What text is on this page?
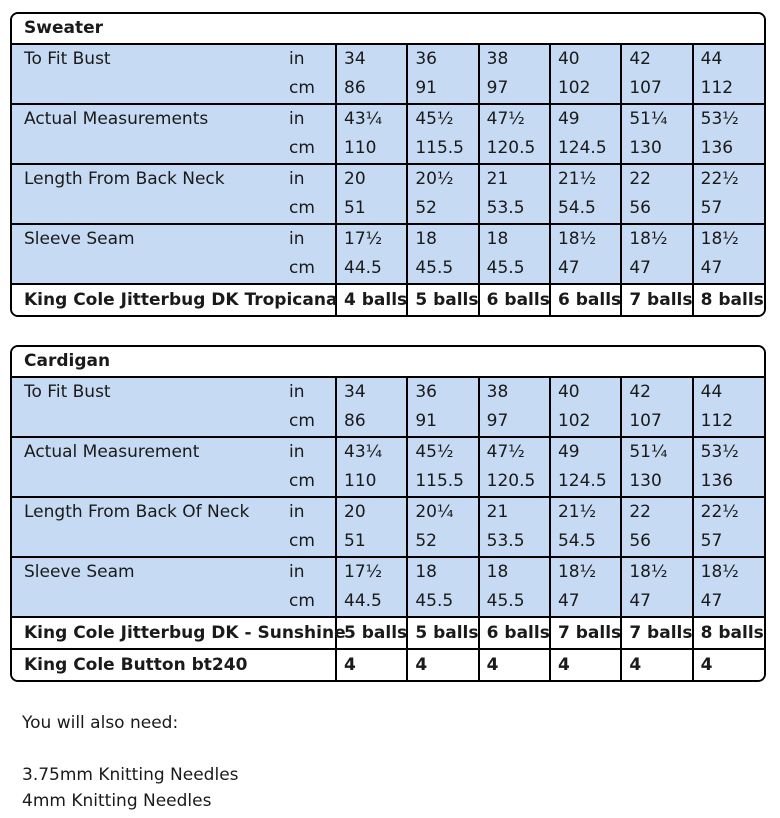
Sweater							
To Fit Bust	in	34	36	38	40	42	44
	cm	86	91	97	102	107	112
Actual Measurements	in	43¼	45½	47½	49	51¼	53½
	cm	110	115.5	120.5	124.5	130	136
Length From Back Neck	in	20	20½	21	21½	22	22½
	cm	51	52	53.5	54.5	56	57
Sleeve Seam	in	17½	18	18	18½	18½	18½
	cm	44.5	45.5	45.5	47	47	47
King Cole Jitterbug DK Tropicana		4 balls	5 balls	6 balls	6 balls	7 balls	8 balls
Cardigan							
To Fit Bust	in	34	36	38	40	42	44
	cm	86	91	97	102	107	112
Actual Measurement	in	43¼	45½	47½	49	51¼	53½
	cm	110	115.5	120.5	124.5	130	136
Length From Back Of Neck	in	20	20¼	21	21½	22	22½
	cm	51	52	53.5	54.5	56	57
Sleeve Seam	in	17½	18	18	18½	18½	18½
	cm	44.5	45.5	45.5	47	47	47
King Cole Jitterbug DK - Sunshine		5 balls	5 balls	6 balls	7 balls	7 balls	8 balls
King Cole Button bt240		4	4	4	4	4	4
You will also need:
3.75mm Knitting Needles
4mm Knitting Needles
